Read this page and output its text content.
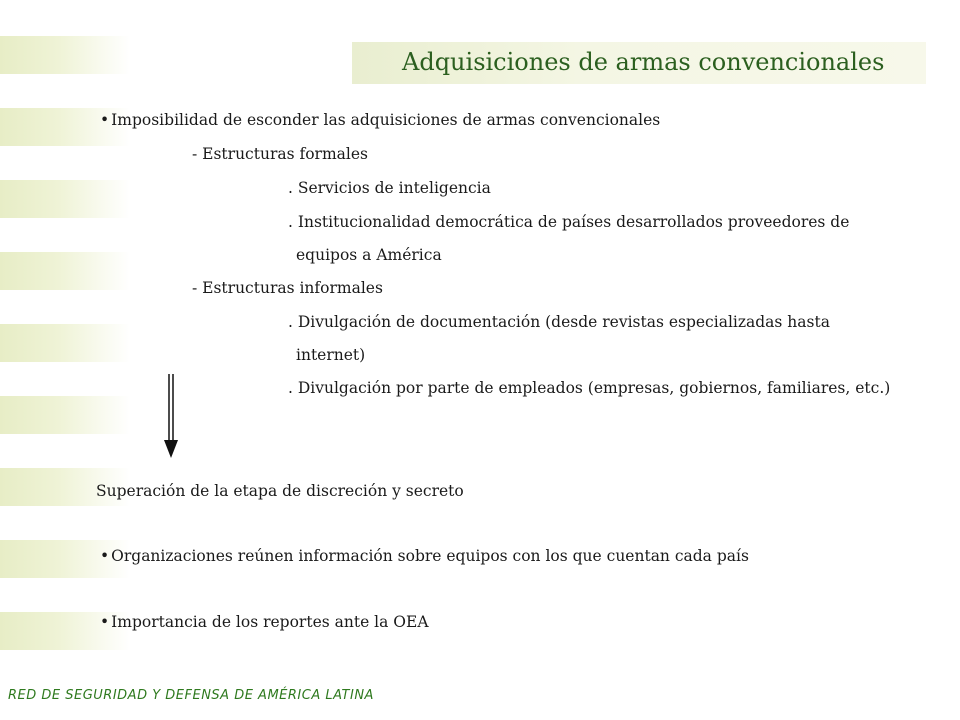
Adquisiciones de armas convencionales
• Imposibilidad de esconder las adquisiciones de armas convencionales
- Estructuras formales
. Servicios de inteligencia
. Institucionalidad democrática de países desarrollados proveedores de
equipos a América
- Estructuras informales
. Divulgación de documentación (desde revistas especializadas hasta
internet)
. Divulgación por parte de empleados (empresas, gobiernos, familiares, etc.)
Superación de la etapa de discreción y secreto
• Organizaciones reúnen información sobre equipos con los que cuentan cada país
• Importancia de los reportes ante la OEA
RED DE SEGURIDAD Y DEFENSA DE AMÉRICA LATINA
